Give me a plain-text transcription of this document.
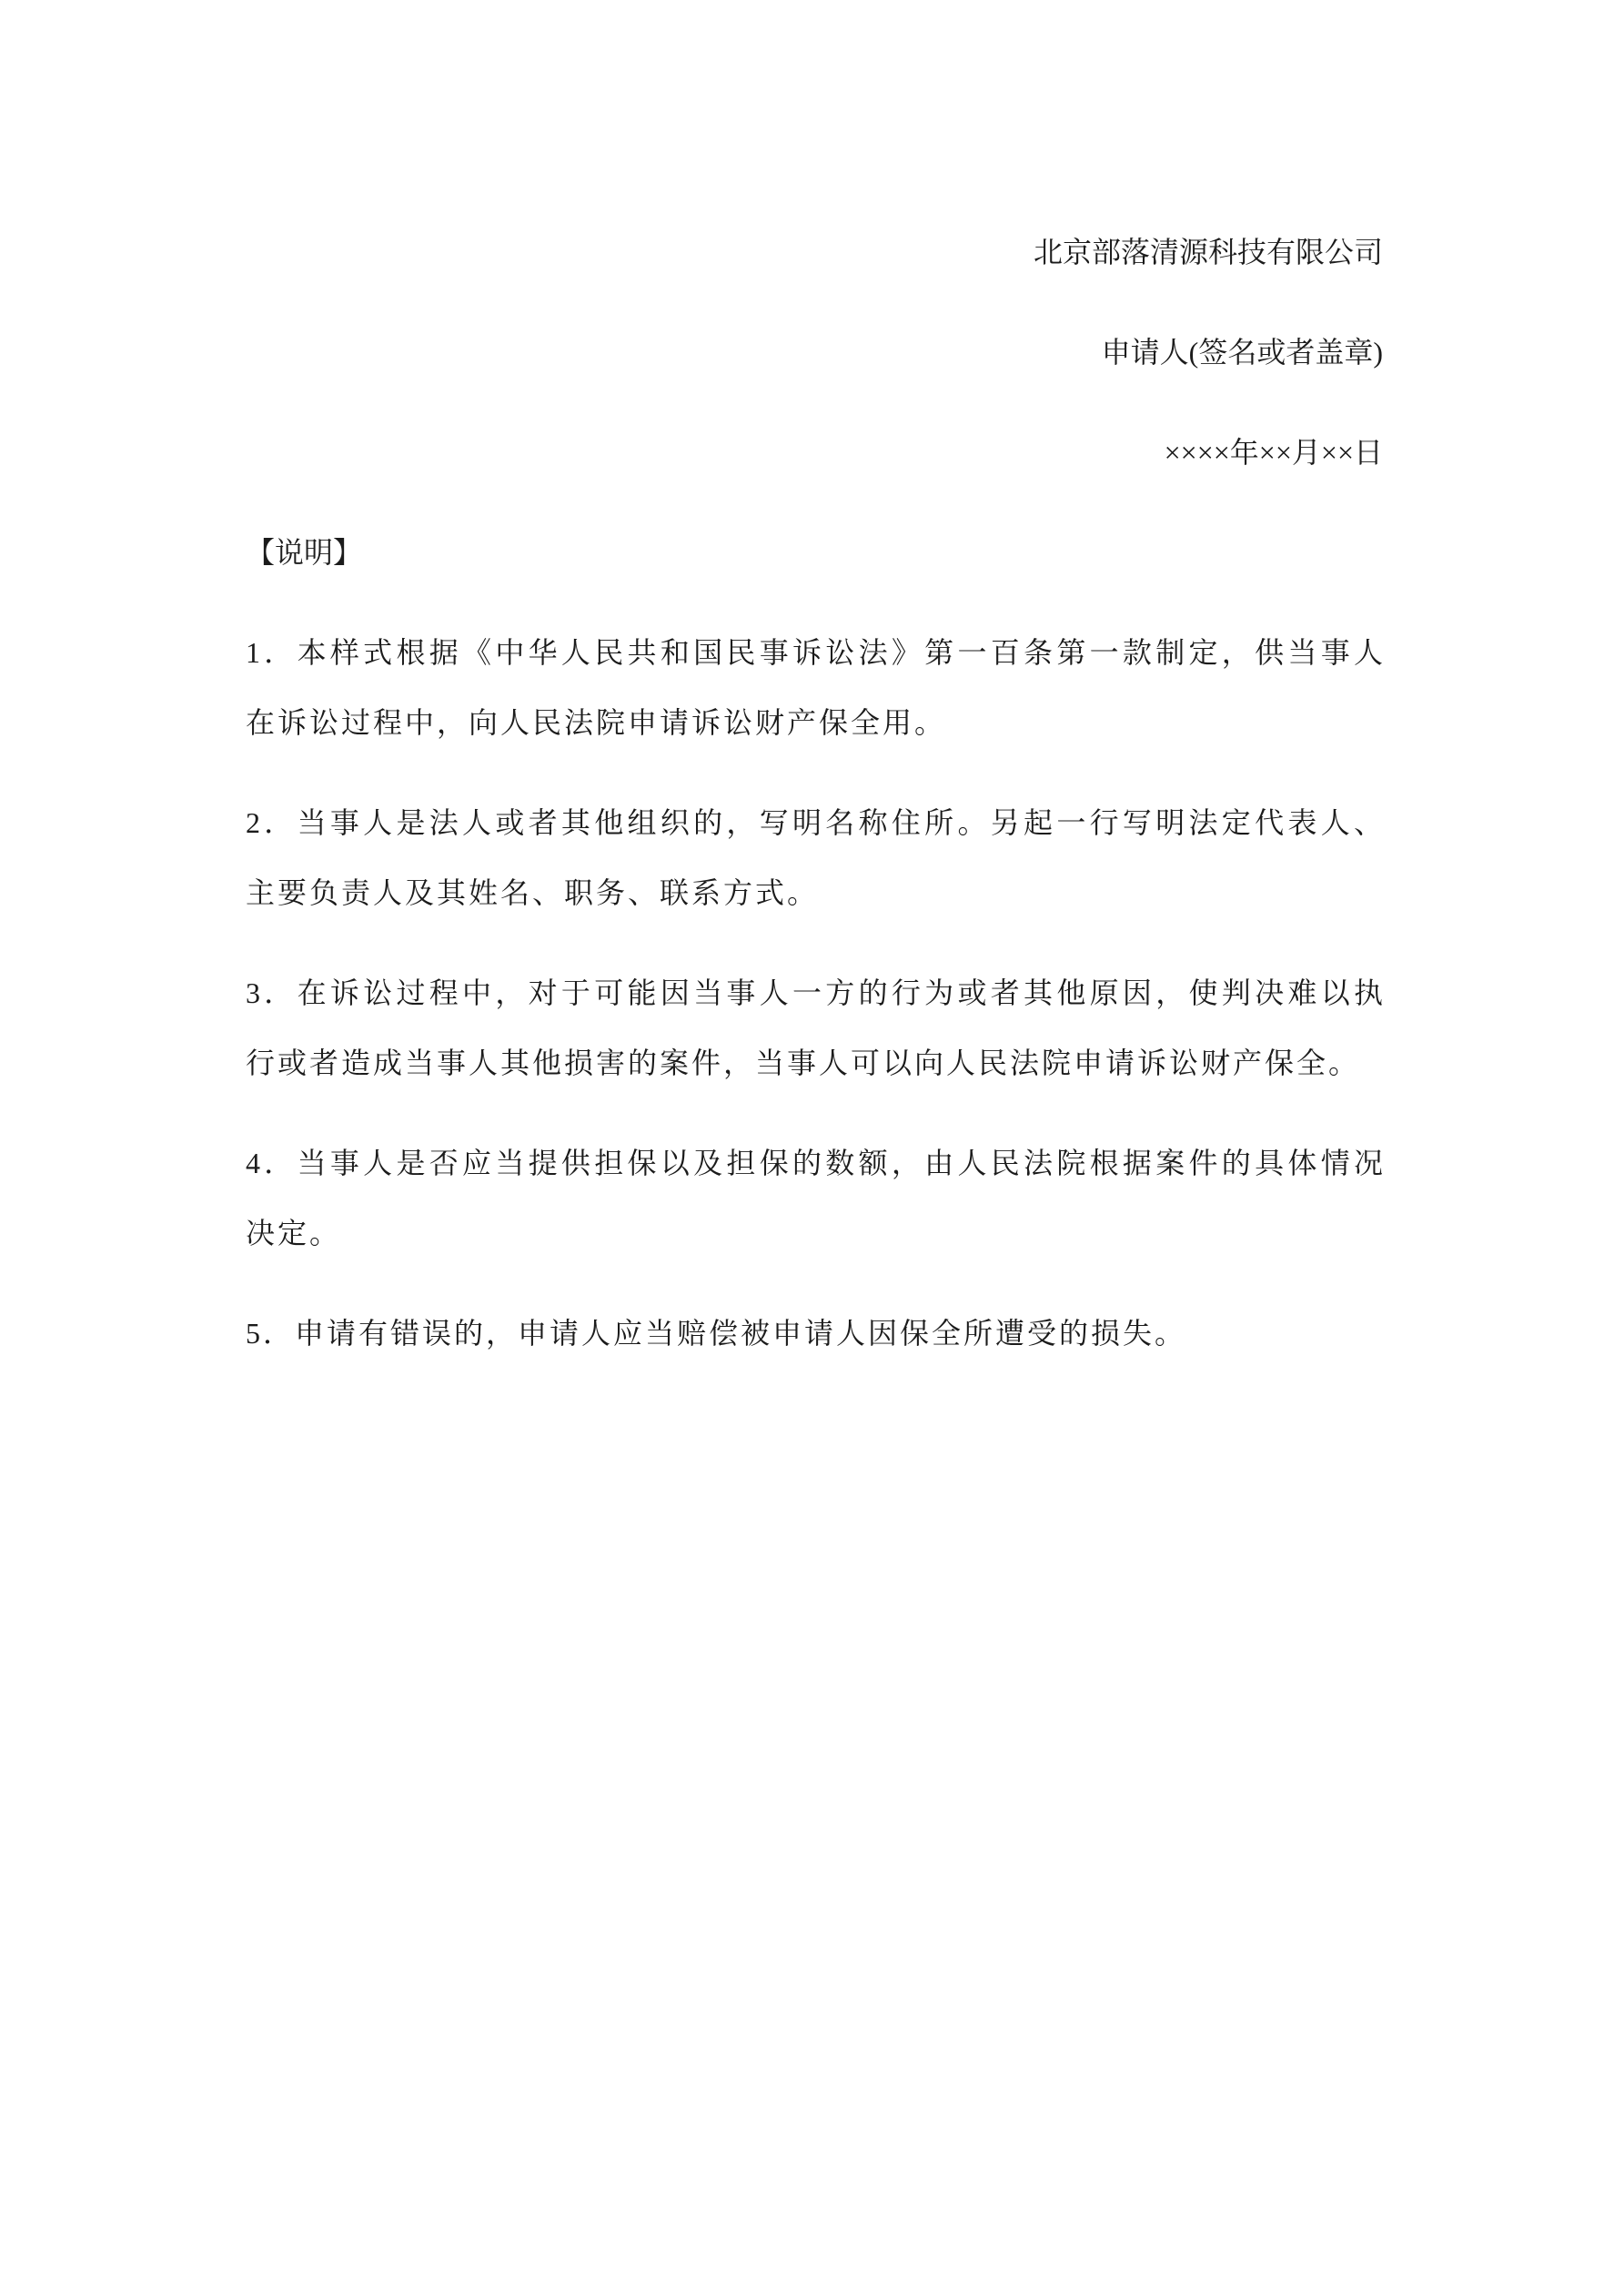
北京部落清源科技有限公司

申请人(签名或者盖章)

××××年××月××日

【说明】

1．本样式根据《中华人民共和国民事诉讼法》第一百条第一款制定，供当事人
在诉讼过程中，向人民法院申请诉讼财产保全用。
2．当事人是法人或者其他组织的，写明名称住所。另起一行写明法定代表人、
主要负责人及其姓名、职务、联系方式。
3．在诉讼过程中，对于可能因当事人一方的行为或者其他原因，使判决难以执
行或者造成当事人其他损害的案件，当事人可以向人民法院申请诉讼财产保全。
4．当事人是否应当提供担保以及担保的数额，由人民法院根据案件的具体情况
决定。
5．申请有错误的，申请人应当赔偿被申请人因保全所遭受的损失。
